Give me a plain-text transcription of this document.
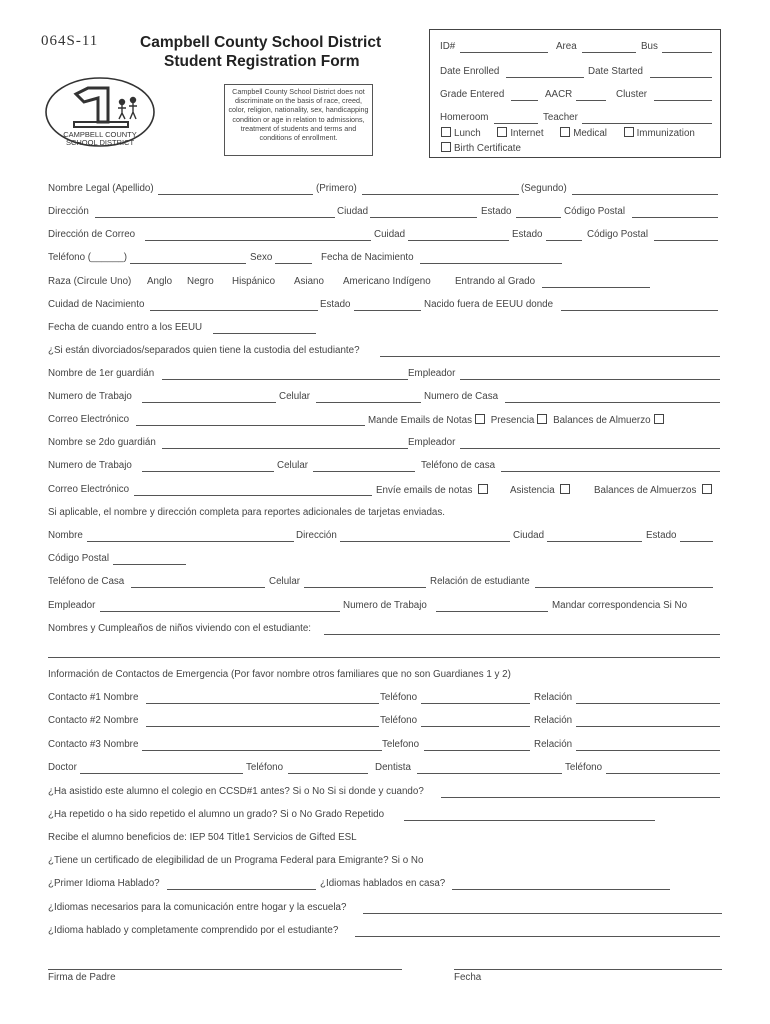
064S-11	Campbell County School District
Student Registration Form
CAMPBELL COUNTY
SCHOOL DISTRICT
Campbell County School District does not discriminate on the basis of race, creed, color, religion, nationality, sex, handicapping condition or age in relation to admissions, treatment of students and terms and conditions of enrollment.
ID#	Area	Bus
Date Enrolled	Date Started
Grade Entered	AACR	Cluster
Homeroom	Teacher
Lunch	Internet	Medical	Immunization
Birth Certificate
Nombre Legal (Apellido)	(Primero)	(Segundo)
Dirección	Ciudad	Estado	Código Postal
Dirección de Correo	Cuidad	Estado	Código Postal
Teléfono (______)	Sexo	Fecha de Nacimiento
Raza (Circule Uno) Anglo Negro Hispánico Asiano Americano Indígeno Entrando al Grado
Cuidad de Nacimiento	Estado	Nacido fuera de EEUU donde
Fecha de cuando entro a los EEUU
¿Si están divorciados/separados quien tiene la custodia del estudiante?
Nombre de 1er guardián	Empleador
Numero de Trabajo	Celular	Numero de Casa
Correo Electrónico	Mande Emails de Notas Presencia Balances de Almuerzo
Nombre se 2do guardián	Empleador
Numero de Trabajo	Celular	Teléfono de casa
Correo Electrónico	Envíe emails de notas	Asistencia	Balances de Almuerzos
Si aplicable, el nombre y dirección completa para reportes adicionales de tarjetas enviadas.
Nombre	Dirección	Ciudad	Estado
Código Postal
Teléfono de Casa	Celular	Relación de estudiante
Empleador	Numero de Trabajo	Mandar correspondencia Si No
Nombres y Cumpleaños de niños viviendo con el estudiante:
Información de Contactos de Emergencia (Por favor nombre otros familiares que no son Guardianes 1 y 2)
Contacto #1 Nombre	Teléfono	Relación
Contacto #2 Nombre	Teléfono	Relación
Contacto #3 Nombre	Telefono	Relación
Doctor	Teléfono	Dentista	Teléfono
¿Ha asistido este alumno el colegio en CCSD#1 antes? Si o No Si si donde y cuando?
¿Ha repetido o ha sido repetido el alumno un grado? Si o No Grado Repetido
Recibe el alumno beneficios de: IEP 504 Title1 Servicios de Gifted ESL
¿Tiene un certificado de elegibilidad de un Programa Federal para Emigrante? Si o No
¿Primer Idioma Hablado?	¿Idiomas hablados en casa?
¿Idiomas necesarios para la comunicación entre hogar y la escuela?
¿Idioma hablado y completamente comprendido por el estudiante?
Firma de Padre	Fecha
